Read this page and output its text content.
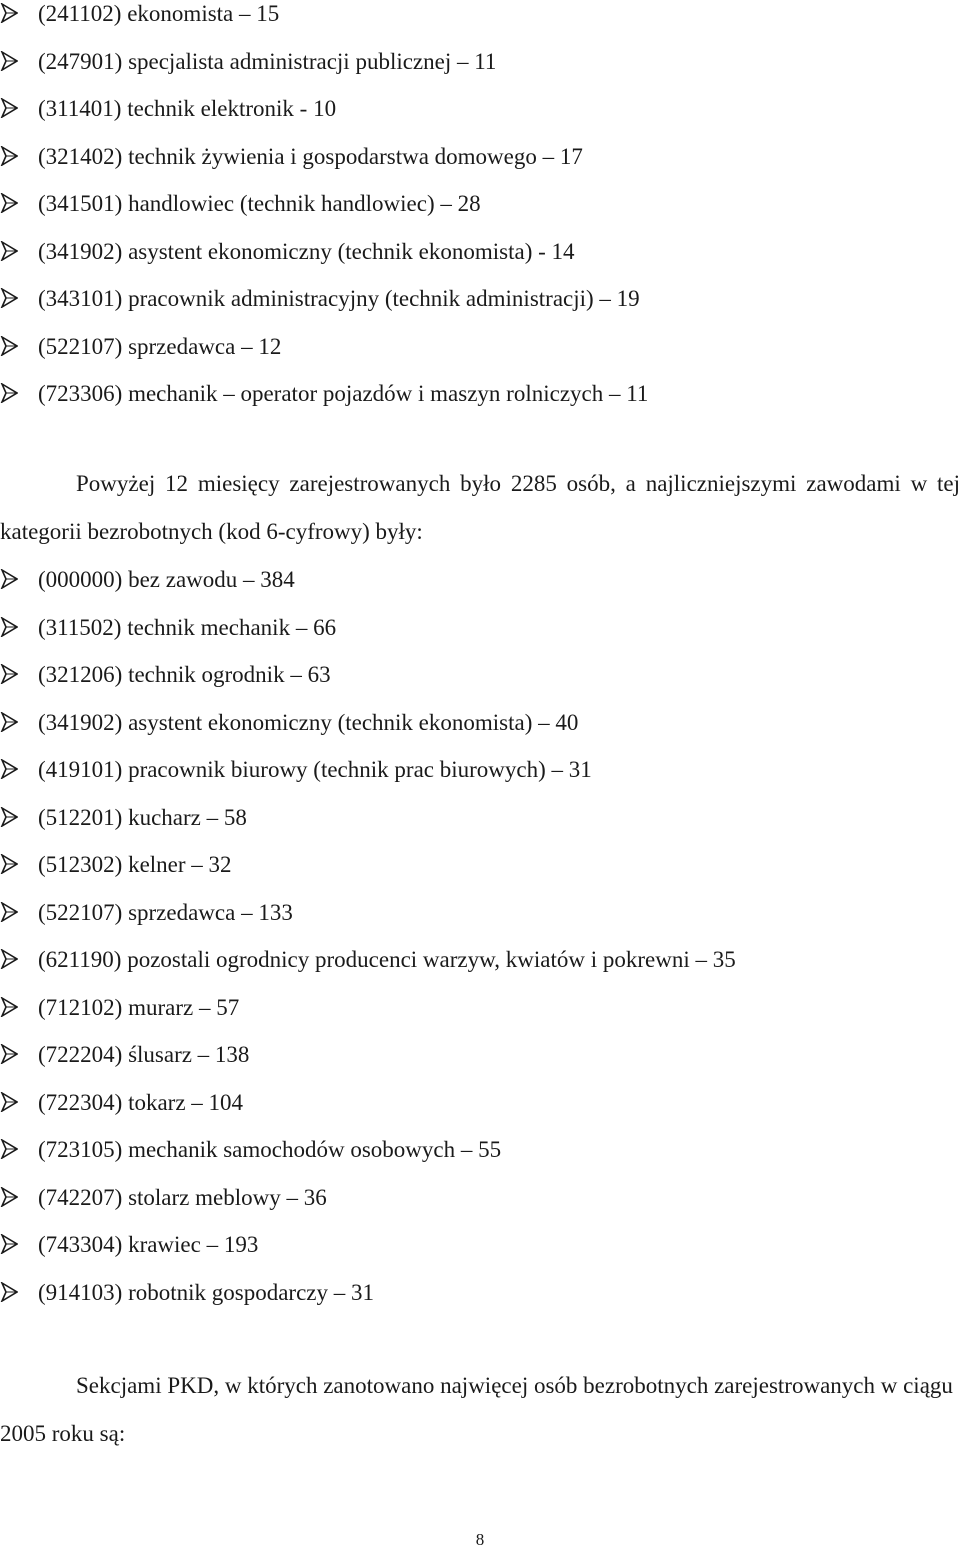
(241102) ekonomista – 15
(247901) specjalista administracji publicznej – 11
(311401) technik elektronik - 10
(321402) technik żywienia i gospodarstwa domowego – 17
(341501) handlowiec (technik handlowiec) – 28
(341902) asystent ekonomiczny (technik ekonomista) - 14
(343101) pracownik administracyjny (technik administracji) – 19
(522107) sprzedawca – 12
(723306) mechanik – operator pojazdów i maszyn rolniczych – 11

Powyżej 12 miesięcy zarejestrowanych było 2285 osób, a najliczniejszymi zawodami w tej kategorii bezrobotnych (kod 6-cyfrowy) były:

(000000) bez zawodu – 384
(311502) technik mechanik – 66
(321206) technik ogrodnik – 63
(341902) asystent ekonomiczny (technik ekonomista) – 40
(419101) pracownik biurowy (technik prac biurowych) – 31
(512201) kucharz – 58
(512302) kelner – 32
(522107) sprzedawca – 133
(621190) pozostali ogrodnicy producenci warzyw, kwiatów i pokrewni – 35
(712102) murarz – 57
(722204) ślusarz – 138
(722304) tokarz – 104
(723105) mechanik samochodów osobowych – 55
(742207) stolarz meblowy – 36
(743304) krawiec – 193
(914103) robotnik gospodarczy – 31

Sekcjami PKD, w których zanotowano najwięcej osób bezrobotnych zarejestrowanych w ciągu 2005 roku są:

8
